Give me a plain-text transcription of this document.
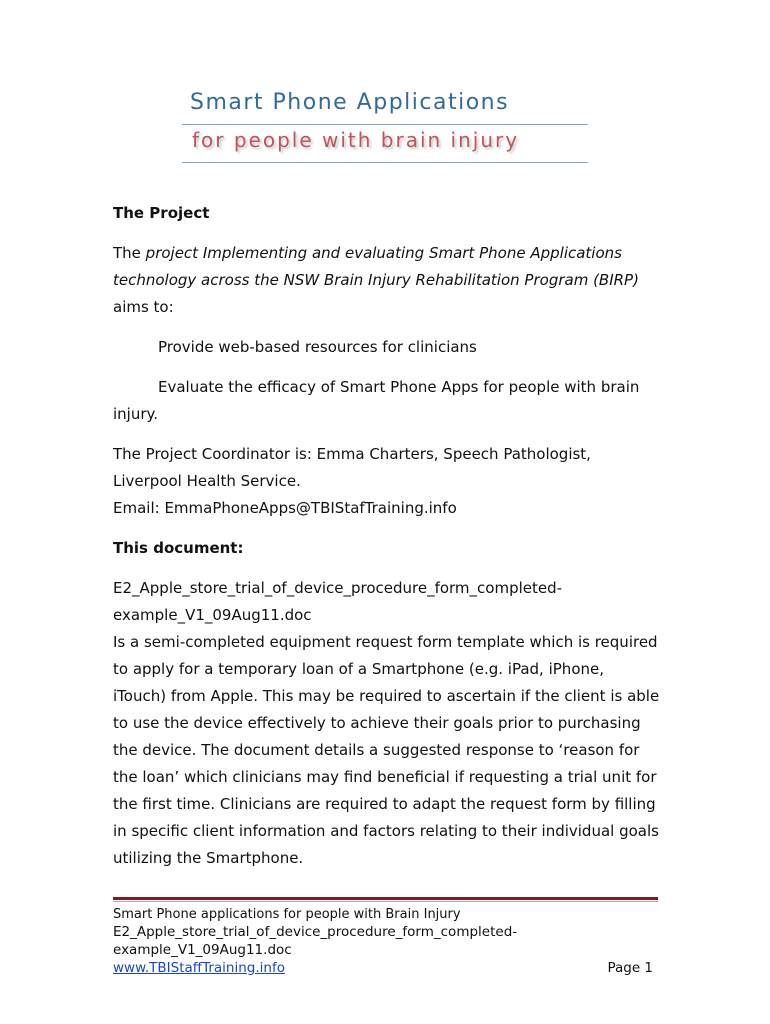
Smart Phone Applications
for people with brain injury

The Project

The project Implementing and evaluating Smart Phone Applications technology across the NSW Brain Injury Rehabilitation Program (BIRP) aims to:

Provide web-based resources for clinicians

Evaluate the efficacy of Smart Phone Apps for people with brain injury.

The Project Coordinator is: Emma Charters, Speech Pathologist, Liverpool Health Service.

Email: EmmaPhoneApps@TBIStafTraining.info

This document:

E2_Apple_store_trial_of_device_procedure_form_completed-example_V1_09Aug11.doc

Is a semi-completed equipment request form template which is required to apply for a temporary loan of a Smartphone (e.g. iPad, iPhone, iTouch) from Apple. This may be required to ascertain if the client is able to use the device effectively to achieve their goals prior to purchasing the device. The document details a suggested response to ‘reason for the loan’ which clinicians may find beneficial if requesting a trial unit for the first time. Clinicians are required to adapt the request form by filling in specific client information and factors relating to their individual goals utilizing the Smartphone.

Smart Phone applications for people with Brain Injury
E2_Apple_store_trial_of_device_procedure_form_completed-example_V1_09Aug11.doc
www.TBIStaffTraining.info	Page 1
